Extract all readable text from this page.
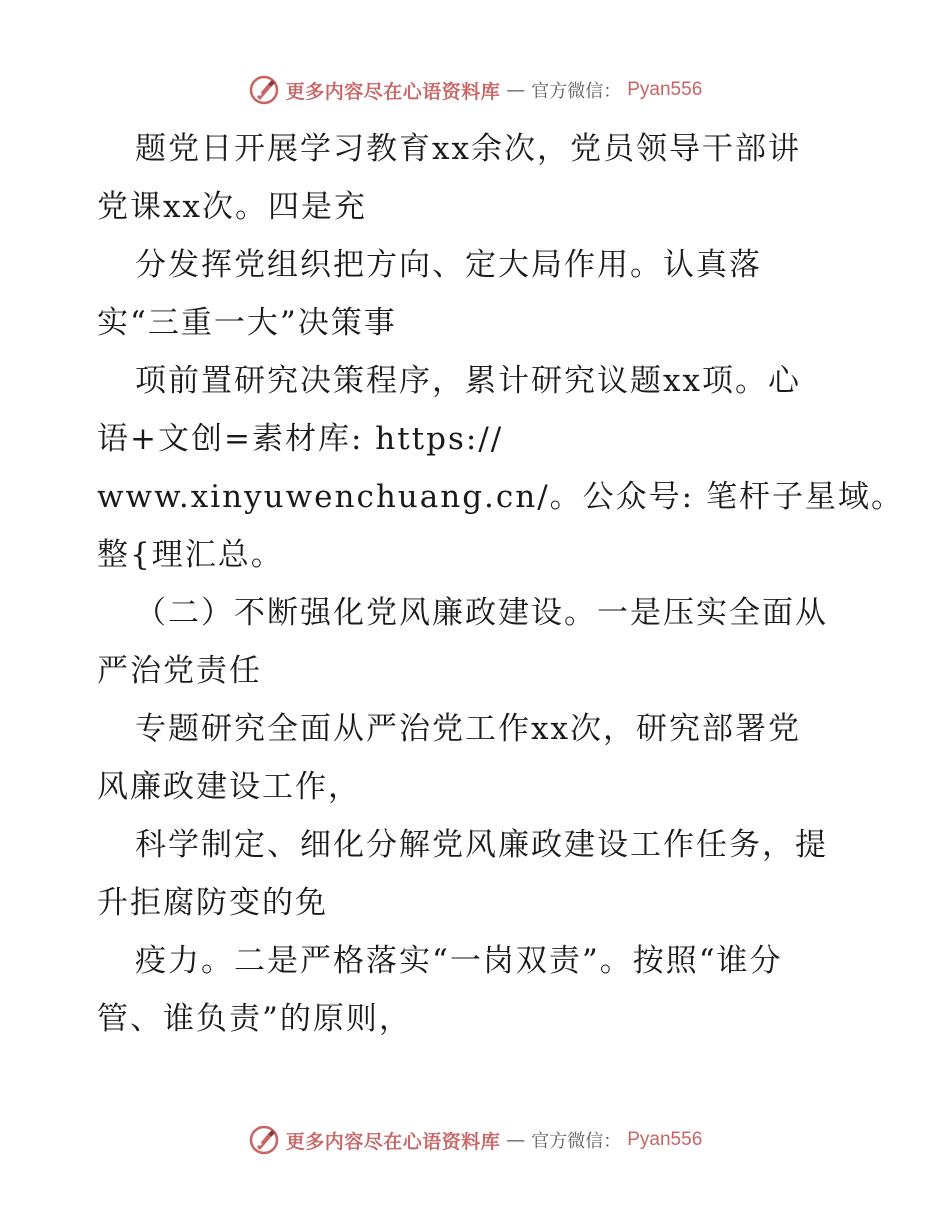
更多内容尽在心语资料库 — 官方微信： Pyan556
题党日开展学习教育xx余次，党员领导干部讲
党课xx次。四是充
分发挥党组织把方向、定大局作用。认真落
实“三重一大”决策事
项前置研究决策程序，累计研究议题xx项。心
语+文创=素材库: https://
www.xinyuwenchuang.cn/。公众号: 笔杆子星域。
整{理汇总。
（二）不断强化党风廉政建设。一是压实全面从
严治党责任
专题研究全面从严治党工作xx次，研究部署党
风廉政建设工作，
科学制定、细化分解党风廉政建设工作任务，提
升拒腐防变的免
疫力。二是严格落实“一岗双责”。按照“谁分
管、谁负责”的原则，
更多内容尽在心语资料库 — 官方微信： Pyan556
